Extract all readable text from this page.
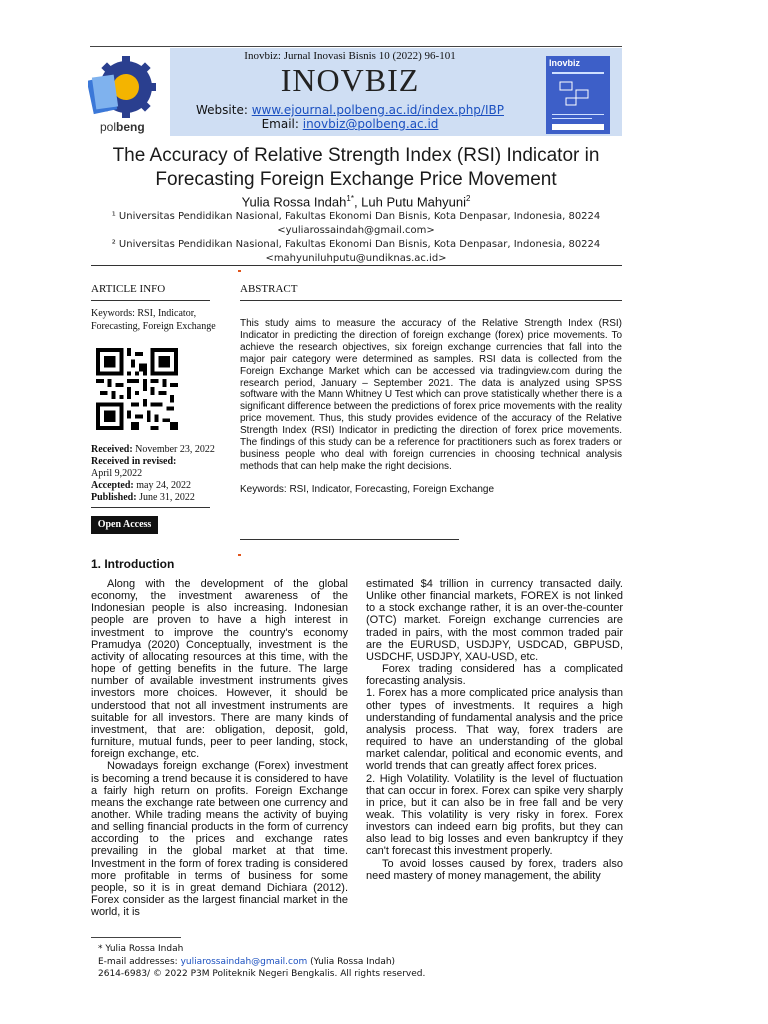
polbeng
Inovbiz: Jurnal Inovasi Bisnis 10 (2022) 96-101
INOVBIZ
Website: www.ejournal.polbeng.ac.id/index.php/IBP
Email: inovbiz@polbeng.ac.id
Inovbiz
The Accuracy of Relative Strength Index (RSI) Indicator in Forecasting Foreign Exchange Price Movement
Yulia Rossa Indah$^{1*}$, Luh Putu Mahyuni$^2$
¹ Universitas Pendidikan Nasional, Fakultas Ekonomi Dan Bisnis, Kota Denpasar, Indonesia, 80224
<yuliarossaindah@gmail.com>
² Universitas Pendidikan Nasional, Fakultas Ekonomi Dan Bisnis, Kota Denpasar, Indonesia, 80224
<mahyuniluhputu@undiknas.ac.id>
ARTICLE INFO
Keywords: RSI, Indicator, Forecasting, Foreign Exchange
Received: November 23, 2022
Received in revised:
April 9,2022
Accepted: may 24, 2022
Published: June 31, 2022
Open Access
ABSTRACT
This study aims to measure the accuracy of the Relative Strength Index (RSI) Indicator in predicting the direction of foreign exchange (forex) price movements. To achieve the research objectives, six foreign exchange currencies that fall into the major pair category were determined as samples. RSI data is collected from the Foreign Exchange Market which can be accessed via tradingview.com during the research period, January – September 2021. The data is analyzed using SPSS software with the Mann Whitney U Test which can prove statistically whether there is a significant difference between the predictions of forex price movements with the reality price movement. Thus, this study provides evidence of the accuracy of the Relative Strength Index (RSI) Indicator in predicting the direction of forex price movements. The findings of this study can be a reference for practitioners such as forex traders or business people who deal with foreign currencies in choosing technical analysis methods that can help make the right decisions.
Keywords: RSI, Indicator, Forecasting, Foreign Exchange
1. Introduction

Along with the development of the global economy, the investment awareness of the Indonesian people is also increasing. Indonesian people are proven to have a high interest in investment to improve the country's economy Pramudya (2020) Conceptually, investment is the activity of allocating resources at this time, with the hope of getting benefits in the future. The large number of available investment instruments gives investors more choices. However, it should be understood that not all investment instruments are suitable for all investors. There are many kinds of investment, that are: obligation, deposit, gold, furniture, mutual funds, peer to peer landing, stock, foreign exchange, etc.

Nowadays foreign exchange (Forex) investment is becoming a trend because it is considered to have a fairly high return on profits. Foreign Exchange means the exchange rate between one currency and another. While trading means the activity of buying and selling financial products in the form of currency according to the prices and exchange rates prevailing in the global market at that time. Investment in the form of forex trading is considered more profitable in terms of business for some people, so it is in great demand Dichiara (2012). Forex consider as the largest financial market in the world, it is

estimated $4 trillion in currency transacted daily. Unlike other financial markets, FOREX is not linked to a stock exchange rather, it is an over-the-counter (OTC) market. Foreign exchange currencies are traded in pairs, with the most common traded pair are the EURUSD, USDJPY, USDCAD, GBPUSD, USDCHF, USDJPY, XAU-USD, etc.

Forex trading considered has a complicated forecasting analysis.

1. Forex has a more complicated price analysis than other types of investments. It requires a high understanding of fundamental analysis and the price analysis process. That way, forex traders are required to have an understanding of the global market calendar, political and economic events, and world trends that can greatly affect forex prices.

2. High Volatility. Volatility is the level of fluctuation that can occur in forex. Forex can spike very sharply in price, but it can also be in free fall and be very weak. This volatility is very risky in forex. Forex investors can indeed earn big profits, but they can also lead to big losses and even bankruptcy if they can't forecast this investment properly.

To avoid losses caused by forex, traders also need mastery of money management, the ability

* Yulia Rossa Indah
E-mail addresses: yuliarossaindah@gmail.com (Yulia Rossa Indah)
2614-6983/ © 2022 P3M Politeknik Negeri Bengkalis. All rights reserved.
